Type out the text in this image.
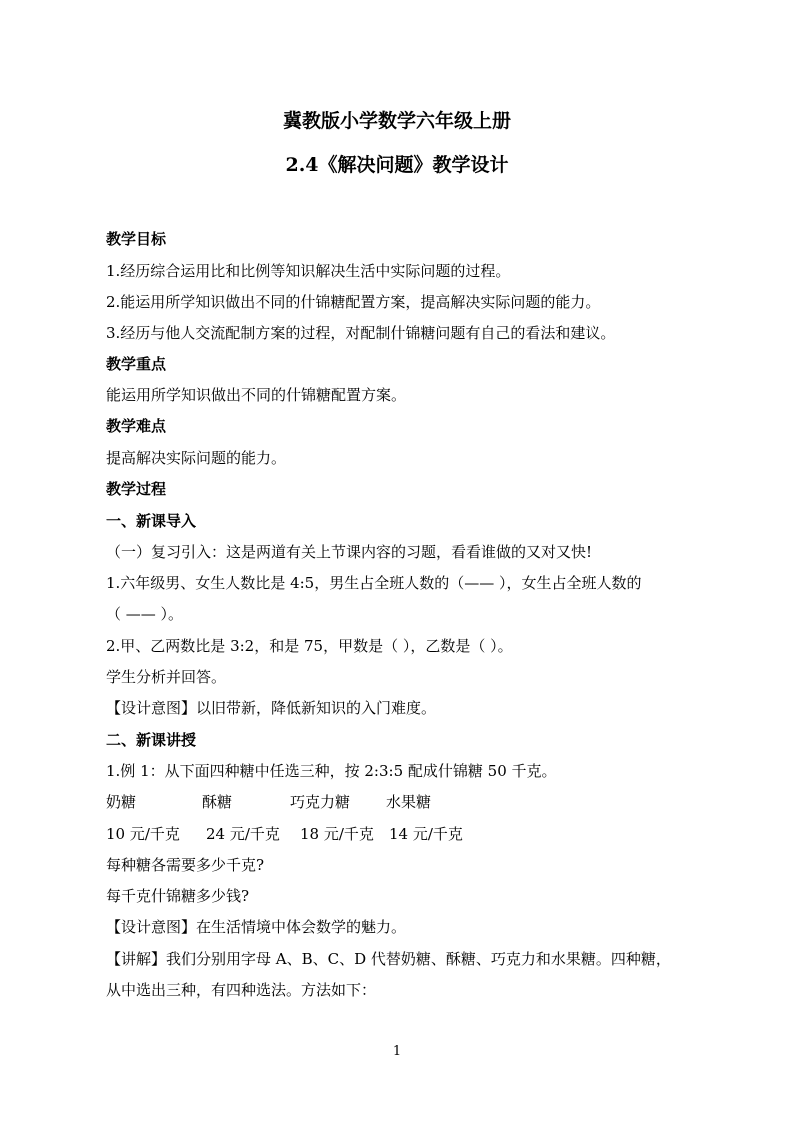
冀教版小学数学六年级上册
2.4《解决问题》教学设计
教学目标
1.经历综合运用比和比例等知识解决生活中实际问题的过程。
2.能运用所学知识做出不同的什锦糖配置方案，提高解决实际问题的能力。
3.经历与他人交流配制方案的过程，对配制什锦糖问题有自己的看法和建议。
教学重点
能运用所学知识做出不同的什锦糖配置方案。
教学难点
提高解决实际问题的能力。
教学过程
一、新课导入
（一）复习引入：这是两道有关上节课内容的习题，看看谁做的又对又快!
1.六年级男、女生人数比是 4:5，男生占全班人数的（—— ），女生占全班人数的
（ —— ）。
2.甲、乙两数比是 3:2，和是 75，甲数是（ ），乙数是（ ）。
学生分析并回答。
【设计意图】以旧带新，降低新知识的入门难度。
二、新课讲授
1.例 1：从下面四种糖中任选三种，按 2:3:5 配成什锦糖 50 千克。
奶糖	酥糖	巧克力糖 水果糖
10 元/千克 24 元/千克 18 元/千克 14 元/千克
每种糖各需要多少千克?
每千克什锦糖多少钱?
【设计意图】在生活情境中体会数学的魅力。
【讲解】我们分别用字母 A、B、C、D 代替奶糖、酥糖、巧克力和水果糖。四种糖，
从中选出三种，有四种选法。方法如下：
1
